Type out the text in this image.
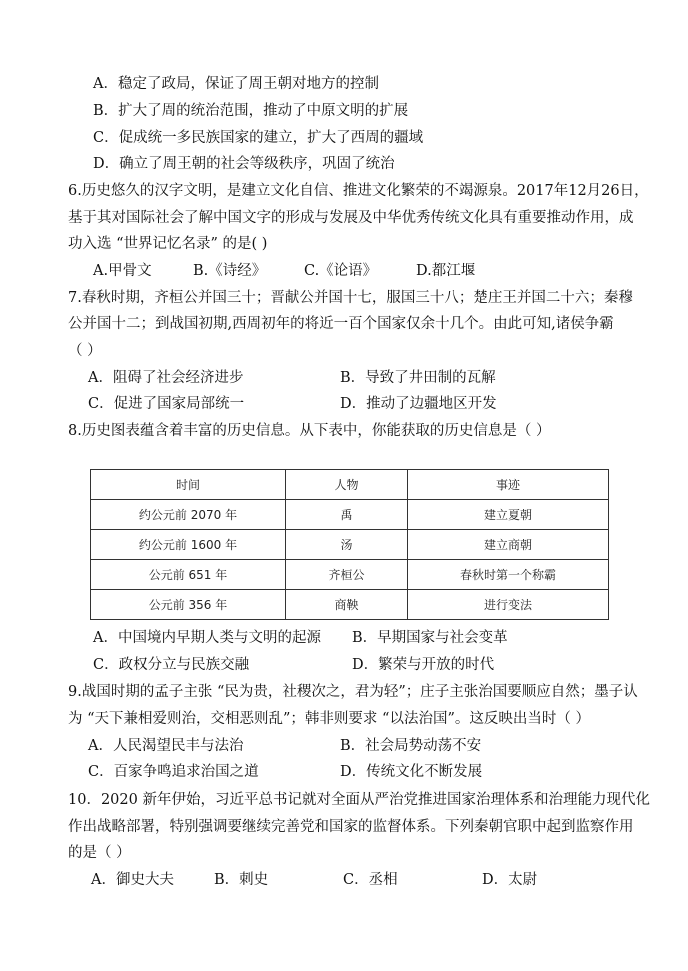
A．稳定了政局，保证了周王朝对地方的控制
B．扩大了周的统治范围，推动了中原文明的扩展
C．促成统一多民族国家的建立，扩大了西周的疆域
D．确立了周王朝的社会等级秩序，巩固了统治
6.历史悠久的汉字文明，是建立文化自信、推进文化繁荣的不竭源泉。2017年12月26日，
基于其对国际社会了解中国文字的形成与发展及中华优秀传统文化具有重要推动作用，成
功入选 “世界记忆名录” 的是( )
A.甲骨文	B.《诗经》	C.《论语》	D.都江堰
7.春秋时期，齐桓公并国三十；晋献公并国十七，服国三十八；楚庄王并国二十六；秦穆
公并国十二；到战国初期,西周初年的将近一百个国家仅余十几个。由此可知,诸侯争霸
（ ）
A．阻碍了社会经济进步	B．导致了井田制的瓦解
C．促进了国家局部统一	D．推动了边疆地区开发
8.历史图表蕴含着丰富的历史信息。从下表中，你能获取的历史信息是（ ）
时间	人物	事迹
约公元前 2070 年	禹	建立夏朝
约公元前 1600 年	汤	建立商朝
公元前 651 年	齐桓公	春秋时第一个称霸
公元前 356 年	商鞅	进行变法
A．中国境内早期人类与文明的起源 B．早期国家与社会变革
C．政权分立与民族交融	D．繁荣与开放的时代
9.战国时期的孟子主张 “民为贵，社稷次之，君为轻”；庄子主张治国要顺应自然；墨子认
为 “天下兼相爱则治，交相恶则乱”；韩非则要求 “以法治国”。这反映出当时（ ）
A．人民渴望民丰与法治	B．社会局势动荡不安
C．百家争鸣追求治国之道	D．传统文化不断发展
10．2020 新年伊始，习近平总书记就对全面从严治党推进国家治理体系和治理能力现代化
作出战略部署，特别强调要继续完善党和国家的监督体系。下列秦朝官职中起到监察作用
的是（ ）
A．御史大夫	B．刺史	C．丞相	D．太尉
